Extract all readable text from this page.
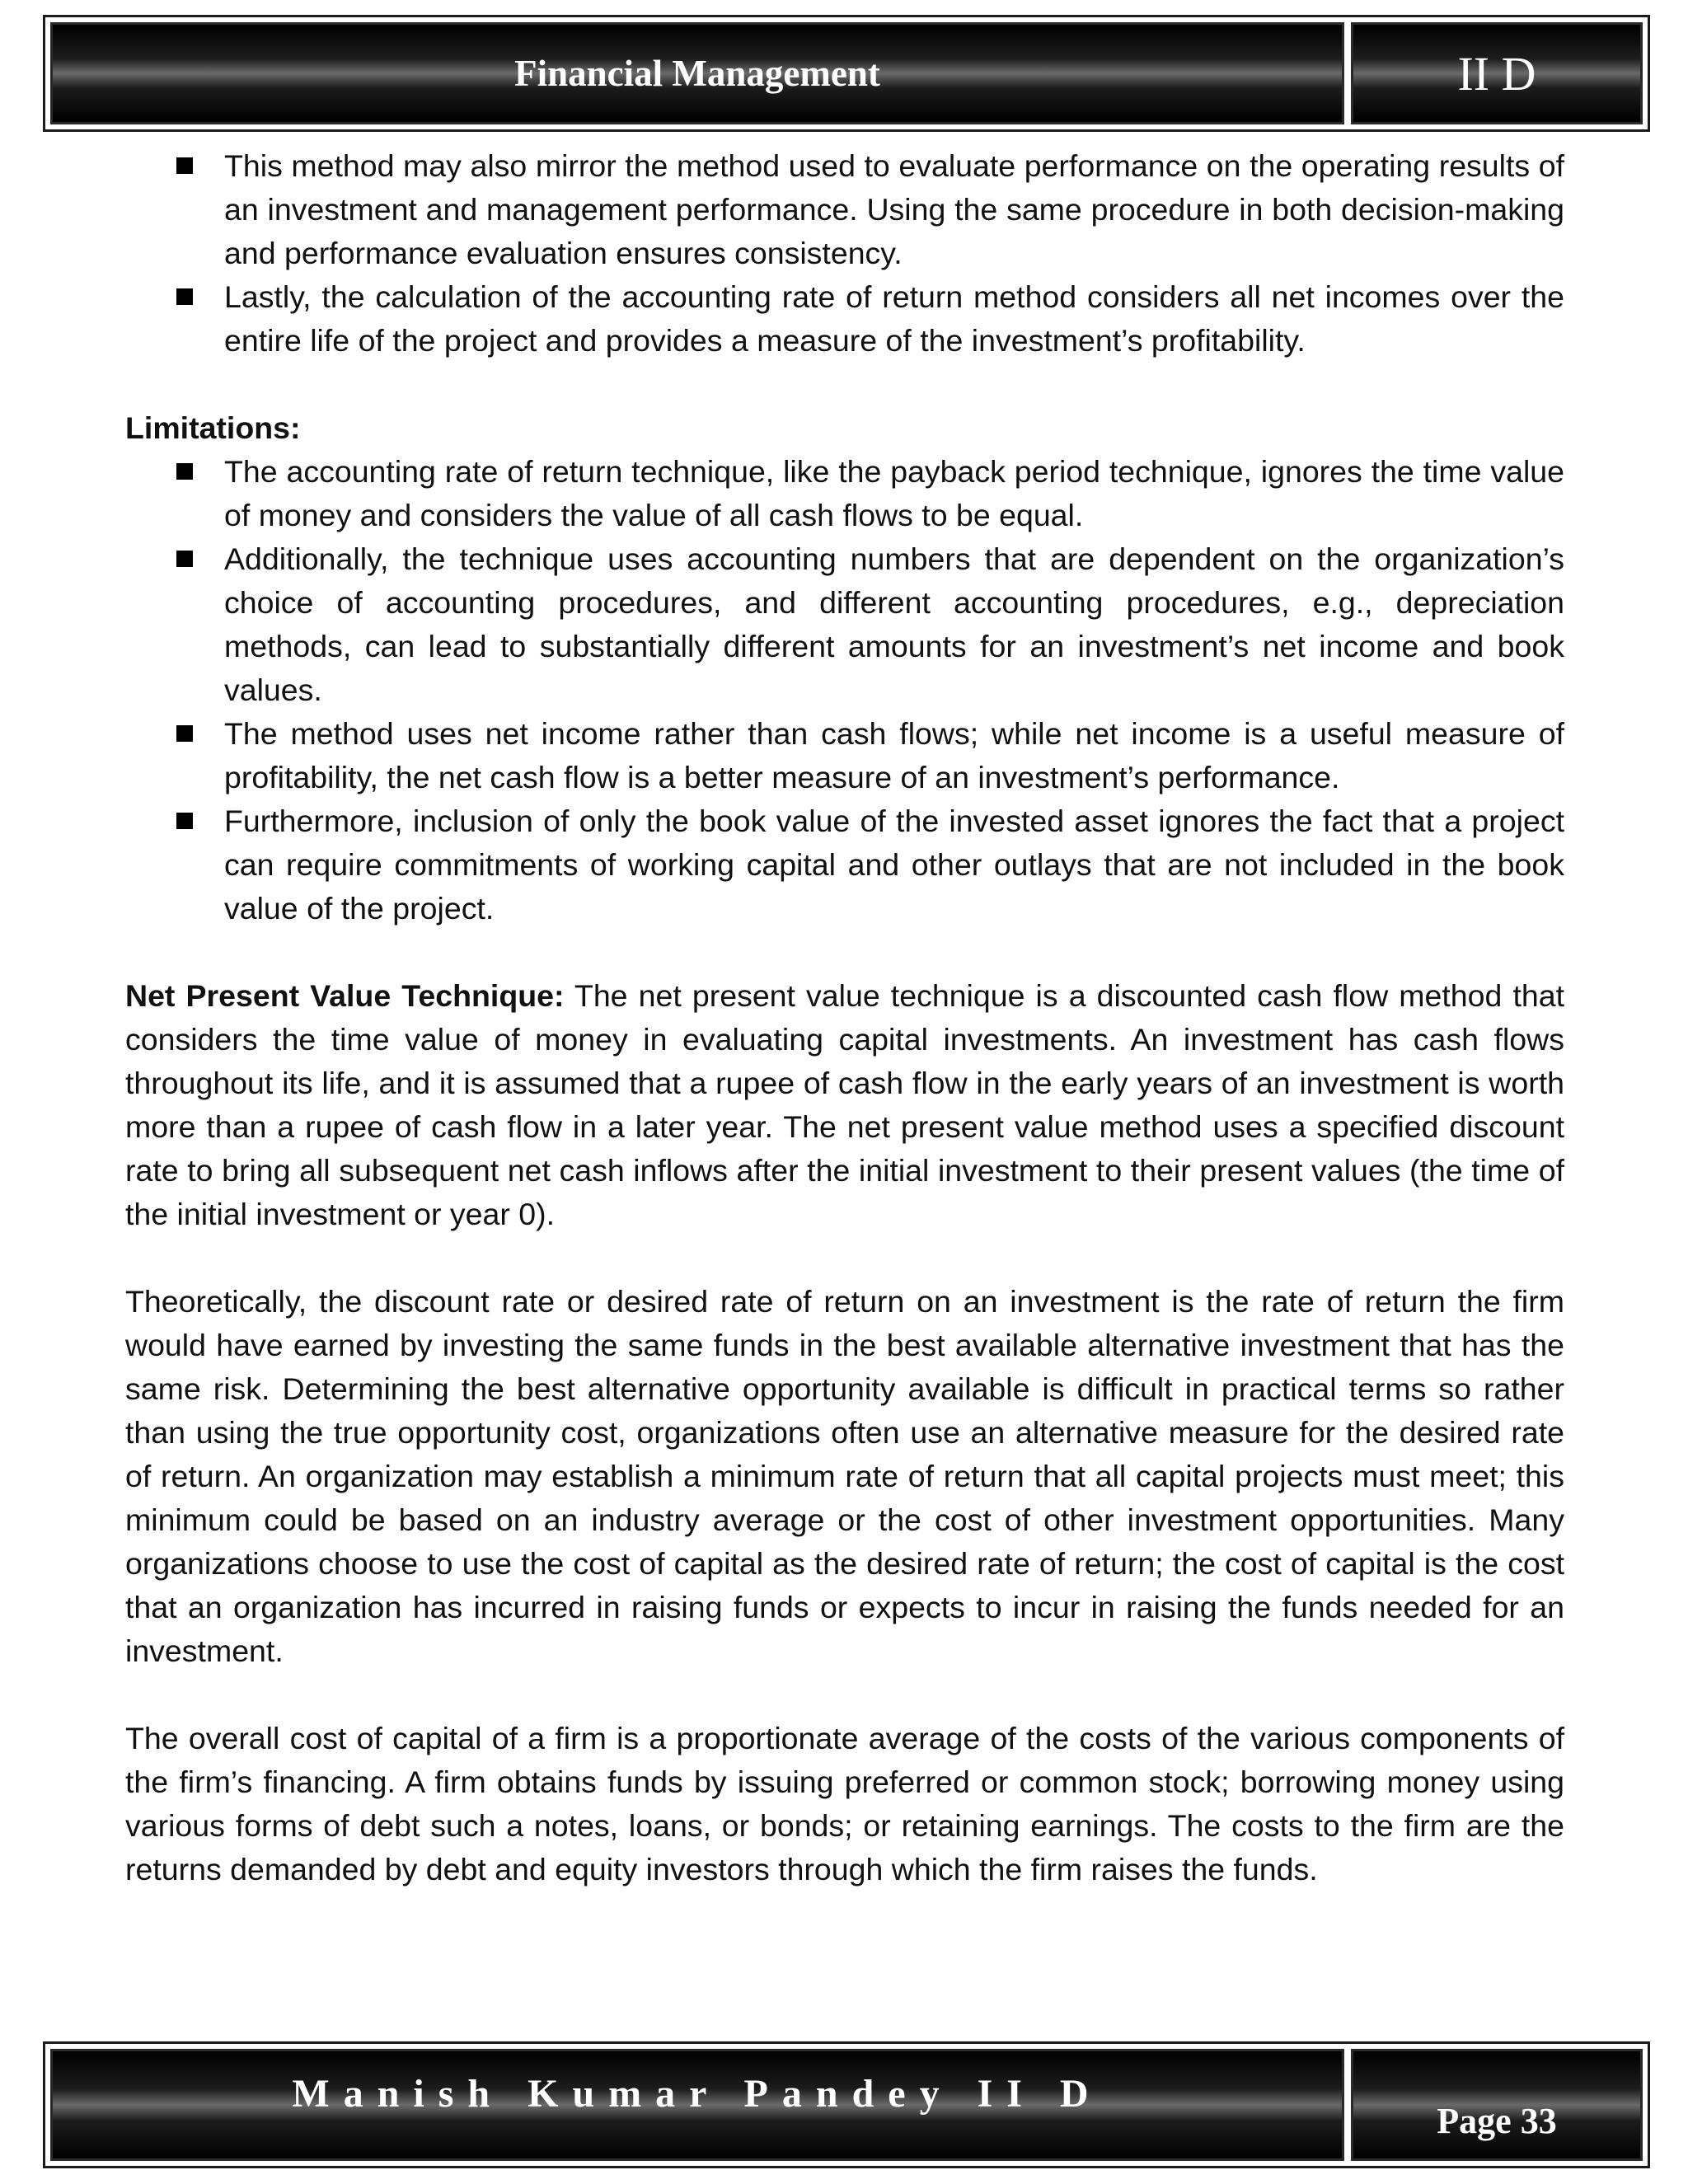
Financial Management	II D
This method may also mirror the method used to evaluate performance on the operating results of an investment and management performance. Using the same procedure in both decision-making and performance evaluation ensures consistency.
Lastly, the calculation of the accounting rate of return method considers all net incomes over the entire life of the project and provides a measure of the investment’s profitability.

Limitations:

The accounting rate of return technique, like the payback period technique, ignores the time value of money and considers the value of all cash flows to be equal.
Additionally, the technique uses accounting numbers that are dependent on the organization’s choice of accounting procedures, and different accounting procedures, e.g., depreciation methods, can lead to substantially different amounts for an investment’s net income and book values.
The method uses net income rather than cash flows; while net income is a useful measure of profitability, the net cash flow is a better measure of an investment’s performance.
Furthermore, inclusion of only the book value of the invested asset ignores the fact that a project can require commitments of working capital and other outlays that are not included in the book value of the project.

Net Present Value Technique: The net present value technique is a discounted cash flow method that considers the time value of money in evaluating capital investments. An investment has cash flows throughout its life, and it is assumed that a rupee of cash flow in the early years of an investment is worth more than a rupee of cash flow in a later year. The net present value method uses a specified discount rate to bring all subsequent net cash inflows after the initial investment to their present values (the time of the initial investment or year 0).

Theoretically, the discount rate or desired rate of return on an investment is the rate of return the firm would have earned by investing the same funds in the best available alternative investment that has the same risk. Determining the best alternative opportunity available is difficult in practical terms so rather than using the true opportunity cost, organizations often use an alternative measure for the desired rate of return. An organization may establish a minimum rate of return that all capital projects must meet; this minimum could be based on an industry average or the cost of other investment opportunities. Many organizations choose to use the cost of capital as the desired rate of return; the cost of capital is the cost that an organization has incurred in raising funds or expects to incur in raising the funds needed for an investment.

The overall cost of capital of a firm is a proportionate average of the costs of the various components of the firm’s financing. A firm obtains funds by issuing preferred or common stock; borrowing money using various forms of debt such a notes, loans, or bonds; or retaining earnings. The costs to the firm are the returns demanded by debt and equity investors through which the firm raises the funds.

Manish Kumar Pandey II D
Page 33
